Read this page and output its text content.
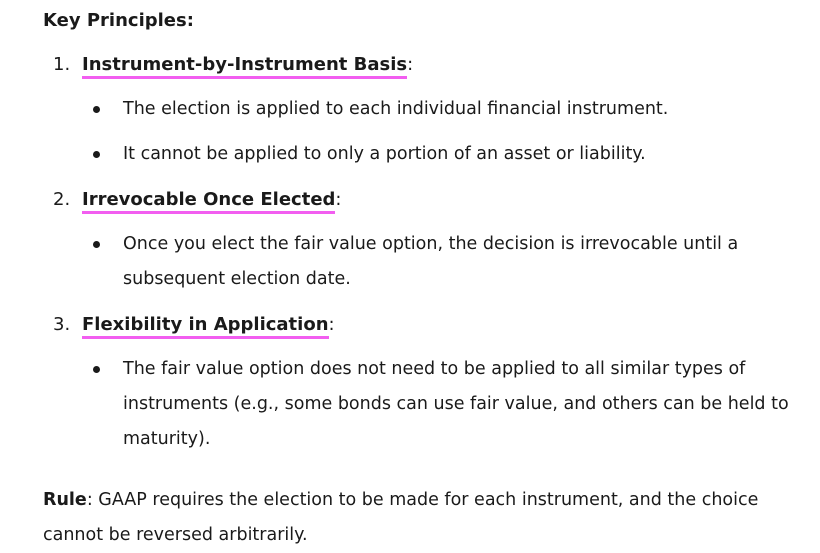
Key Principles:
1. Instrument-by-Instrument Basis:
The election is applied to each individual financial instrument.
It cannot be applied to only a portion of an asset or liability.
2. Irrevocable Once Elected:
Once you elect the fair value option, the decision is irrevocable until a subsequent election date.
3. Flexibility in Application:
The fair value option does not need to be applied to all similar types of instruments (e.g., some bonds can use fair value, and others can be held to maturity).
Rule: GAAP requires the election to be made for each instrument, and the choice cannot be reversed arbitrarily.
